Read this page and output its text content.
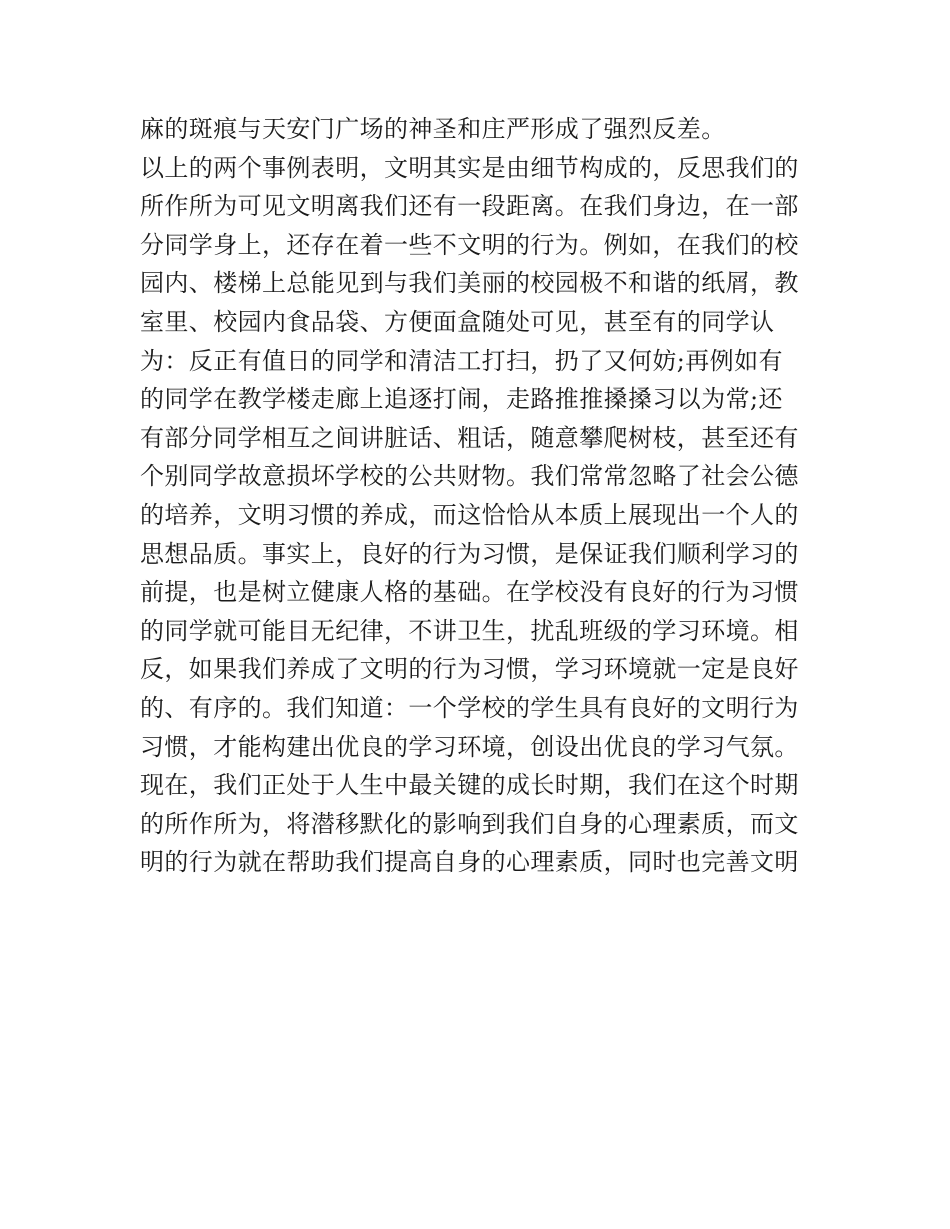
麻的斑痕与天安门广场的神圣和庄严形成了强烈反差。
以上的两个事例表明，文明其实是由细节构成的，反思我们的
所作所为可见文明离我们还有一段距离。在我们身边，在一部
分同学身上，还存在着一些不文明的行为。例如，在我们的校
园内、楼梯上总能见到与我们美丽的校园极不和谐的纸屑，教
室里、校园内食品袋、方便面盒随处可见，甚至有的同学认
为：反正有值日的同学和清洁工打扫，扔了又何妨;再例如有
的同学在教学楼走廊上追逐打闹，走路推推搡搡习以为常;还
有部分同学相互之间讲脏话、粗话，随意攀爬树枝，甚至还有
个别同学故意损坏学校的公共财物。我们常常忽略了社会公德
的培养，文明习惯的养成，而这恰恰从本质上展现出一个人的
思想品质。事实上，良好的行为习惯，是保证我们顺利学习的
前提，也是树立健康人格的基础。在学校没有良好的行为习惯
的同学就可能目无纪律，不讲卫生，扰乱班级的学习环境。相
反，如果我们养成了文明的行为习惯，学习环境就一定是良好
的、有序的。我们知道：一个学校的学生具有良好的文明行为
习惯，才能构建出优良的学习环境，创设出优良的学习气氛。
现在，我们正处于人生中最关键的成长时期，我们在这个时期
的所作所为，将潜移默化的影响到我们自身的心理素质，而文
明的行为就在帮助我们提高自身的心理素质，同时也完善文明
